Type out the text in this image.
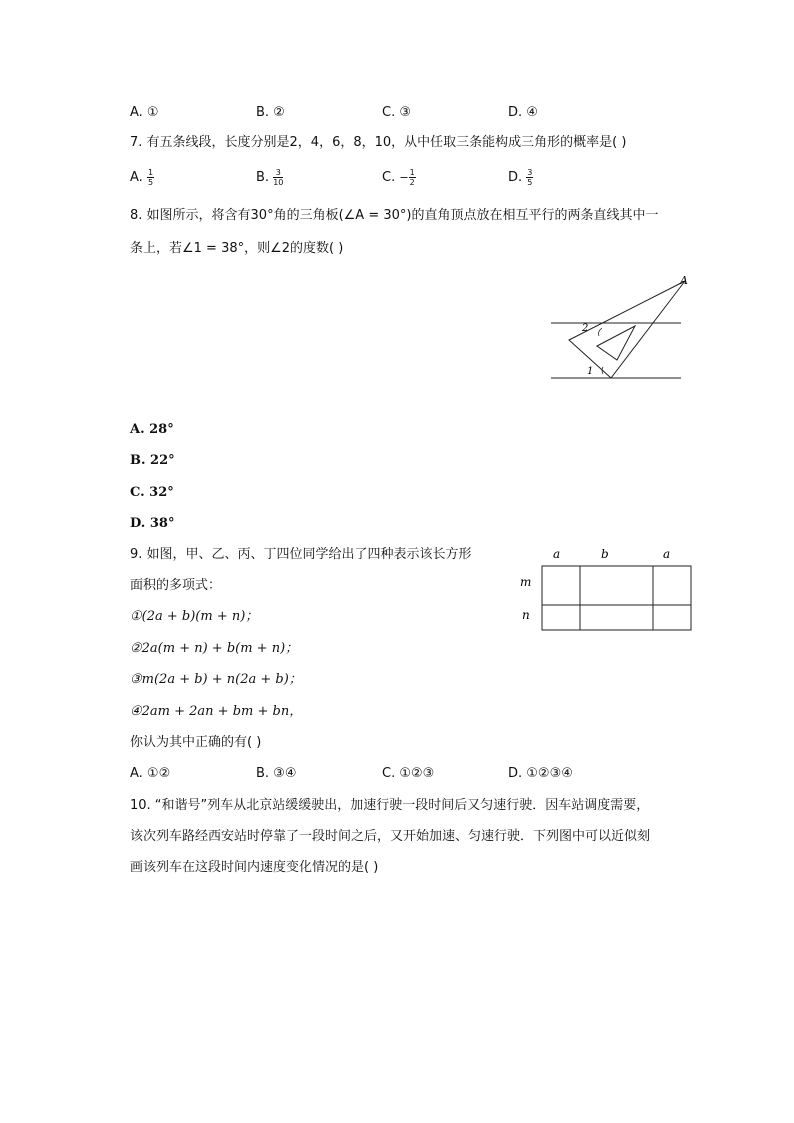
A. ①	B. ②	C. ③	D. ④
7. 有五条线段，长度分别是2，4，6，8，10，从中任取三条能构成三角形的概率是( )
A. $\frac{1}{5}$	B. $\frac{3}{10}$	C. − $\frac{1}{2}$	D. $\frac{3}{5}$
8. 如图所示，将含有30°角的三角板(∠A = 30°)的直角顶点放在相互平行的两条直线其中一
条上，若∠1 = 38°，则∠2的度数( )
A
2
1
A. 28°
B. 22°
C. 32°
D. 38°
9. 如图，甲、乙、丙、丁四位同学给出了四种表示该长方形
面积的多项式：
①(2a + b)(m + n)；
②2a(m + n) + b(m + n)；
③m(2a + b) + n(2a + b)；
④2am + 2an + bm + bn，
你认为其中正确的有( )
a	b	a
m
n
A. ①②	B. ③④	C. ①②③	D. ①②③④
10. “和谐号”列车从北京站缓缓驶出，加速行驶一段时间后又匀速行驶．因车站调度需要，
该次列车路经西安站时停靠了一段时间之后，又开始加速、匀速行驶．下列图中可以近似刻
画该列车在这段时间内速度变化情况的是( )
